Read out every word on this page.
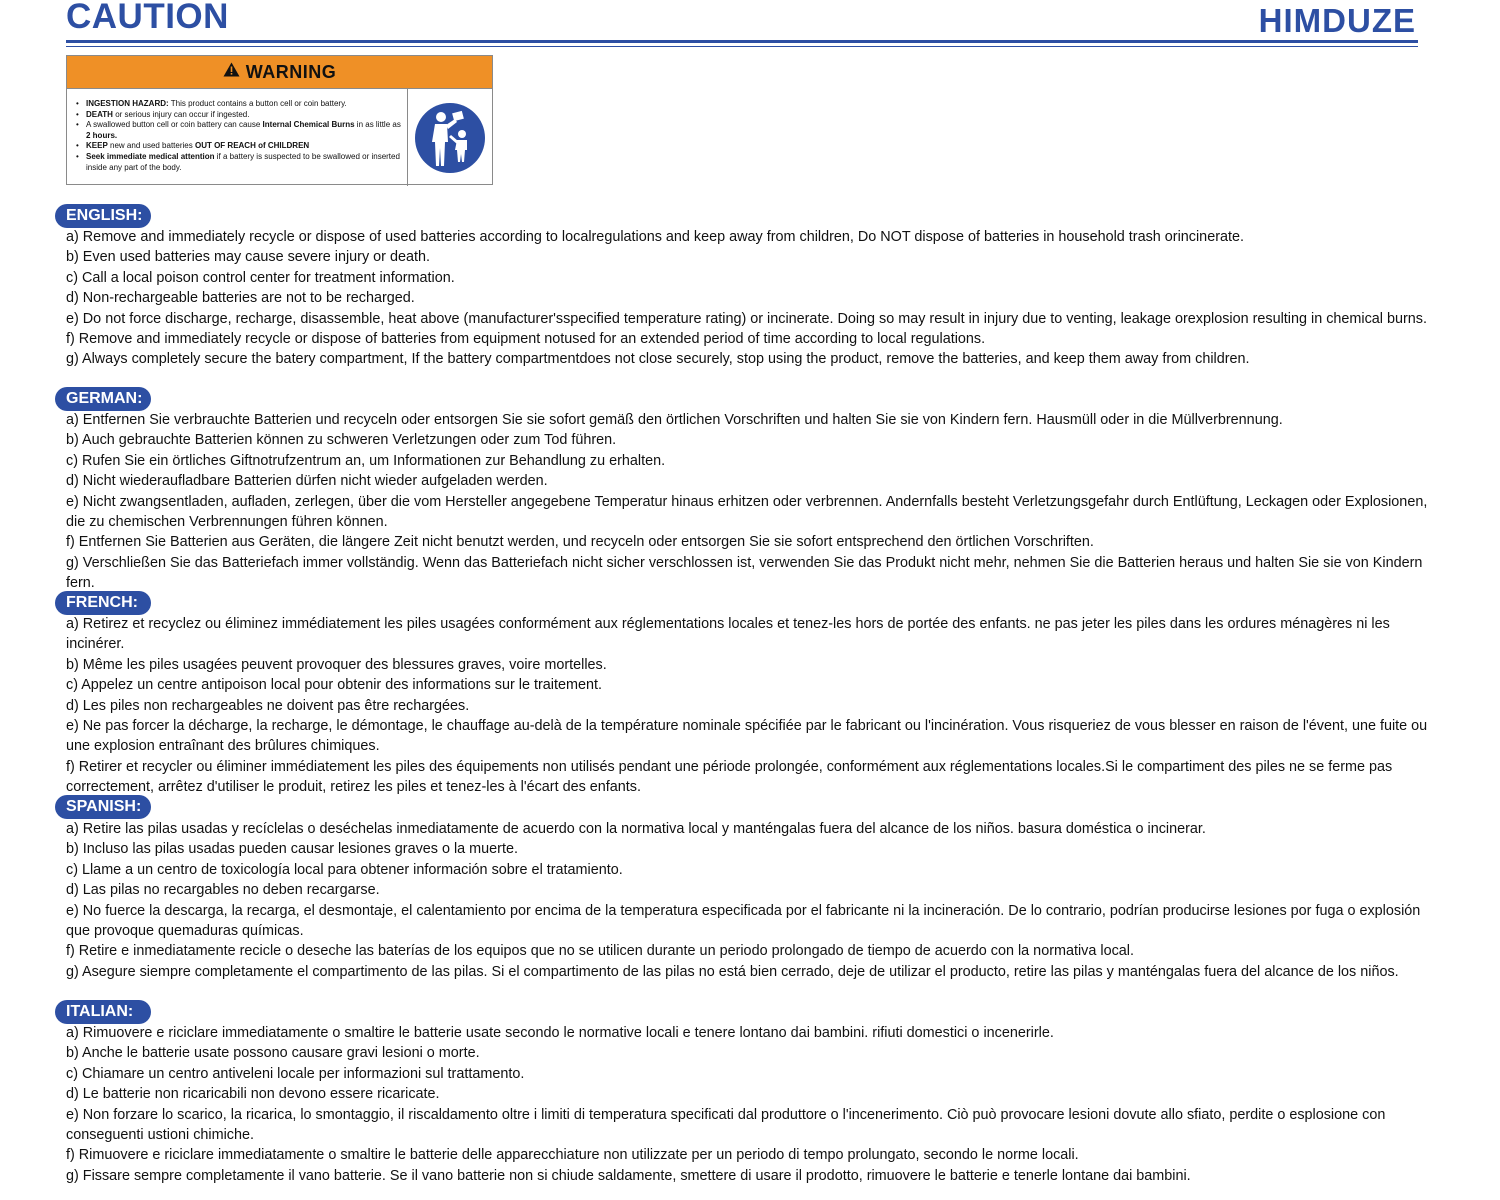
CAUTION	HIMDUZE
WARNING
• INGESTION HAZARD: This product contains a button cell or coin battery.
• DEATH or serious injury can occur if ingested.
• A swallowed button cell or coin battery can cause Internal Chemical Burns in as little as 2 hours.
• KEEP new and used batteries OUT OF REACH of CHILDREN
• Seek immediate medical attention if a battery is suspected to be swallowed or inserted inside any part of the body.
ENGLISH:

a) Remove and immediately recycle or dispose of used batteries according to localregulations and keep away from children, Do NOT dispose of batteries in household trash orincinerate.

b) Even used batteries may cause severe injury or death.

c) Call a local poison control center for treatment information.

d) Non-rechargeable batteries are not to be recharged.

e) Do not force discharge, recharge, disassemble, heat above (manufacturer'sspecified temperature rating) or incinerate. Doing so may result in injury due to venting, leakage orexplosion resulting in chemical burns.

f) Remove and immediately recycle or dispose of batteries from equipment notused for an extended period of time according to local regulations.

g) Always completely secure the batery compartment, If the battery compartmentdoes not close securely, stop using the product, remove the batteries, and keep them away from children.

GERMAN:

a) Entfernen Sie verbrauchte Batterien und recyceln oder entsorgen Sie sie sofort gemäß den örtlichen Vorschriften und halten Sie sie von Kindern fern. Hausmüll oder in die Müllverbrennung.

b) Auch gebrauchte Batterien können zu schweren Verletzungen oder zum Tod führen.

c) Rufen Sie ein örtliches Giftnotrufzentrum an, um Informationen zur Behandlung zu erhalten.

d) Nicht wiederaufladbare Batterien dürfen nicht wieder aufgeladen werden.

e) Nicht zwangsentladen, aufladen, zerlegen, über die vom Hersteller angegebene Temperatur hinaus erhitzen oder verbrennen. Andernfalls besteht Verletzungsgefahr durch Entlüftung, Leckagen oder Explosionen, die zu chemischen Verbrennungen führen können.

f) Entfernen Sie Batterien aus Geräten, die längere Zeit nicht benutzt werden, und recyceln oder entsorgen Sie sie sofort entsprechend den örtlichen Vorschriften.

g) Verschließen Sie das Batteriefach immer vollständig. Wenn das Batteriefach nicht sicher verschlossen ist, verwenden Sie das Produkt nicht mehr, nehmen Sie die Batterien heraus und halten Sie sie von Kindern fern.

FRENCH:

a) Retirez et recyclez ou éliminez immédiatement les piles usagées conformément aux réglementations locales et tenez-les hors de portée des enfants. ne pas jeter les piles dans les ordures ménagères ni les incinérer.

b) Même les piles usagées peuvent provoquer des blessures graves, voire mortelles.

c) Appelez un centre antipoison local pour obtenir des informations sur le traitement.

d) Les piles non rechargeables ne doivent pas être rechargées.

e) Ne pas forcer la décharge, la recharge, le démontage, le chauffage au-delà de la température nominale spécifiée par le fabricant ou l'incinération. Vous risqueriez de vous blesser en raison de l'évent, une fuite ou une explosion entraînant des brûlures chimiques.

f) Retirer et recycler ou éliminer immédiatement les piles des équipements non utilisés pendant une période prolongée, conformément aux réglementations locales.Si le compartiment des piles ne se ferme pas correctement, arrêtez d'utiliser le produit, retirez les piles et tenez-les à l'écart des enfants.

SPANISH:

a) Retire las pilas usadas y recíclelas o deséchelas inmediatamente de acuerdo con la normativa local y manténgalas fuera del alcance de los niños. basura doméstica o incinerar.

b) Incluso las pilas usadas pueden causar lesiones graves o la muerte.

c) Llame a un centro de toxicología local para obtener información sobre el tratamiento.

d) Las pilas no recargables no deben recargarse.

e) No fuerce la descarga, la recarga, el desmontaje, el calentamiento por encima de la temperatura especificada por el fabricante ni la incineración. De lo contrario, podrían producirse lesiones por fuga o explosión que provoque quemaduras químicas.

f) Retire e inmediatamente recicle o deseche las baterías de los equipos que no se utilicen durante un periodo prolongado de tiempo de acuerdo con la normativa local.

g) Asegure siempre completamente el compartimento de las pilas. Si el compartimento de las pilas no está bien cerrado, deje de utilizar el producto, retire las pilas y manténgalas fuera del alcance de los niños.

ITALIAN:

a) Rimuovere e riciclare immediatamente o smaltire le batterie usate secondo le normative locali e tenere lontano dai bambini. rifiuti domestici o incenerirle.

b) Anche le batterie usate possono causare gravi lesioni o morte.

c) Chiamare un centro antiveleni locale per informazioni sul trattamento.

d) Le batterie non ricaricabili non devono essere ricaricate.

e) Non forzare lo scarico, la ricarica, lo smontaggio, il riscaldamento oltre i limiti di temperatura specificati dal produttore o l'incenerimento. Ciò può provocare lesioni dovute allo sfiato, perdite o esplosione con conseguenti ustioni chimiche.

f) Rimuovere e riciclare immediatamente o smaltire le batterie delle apparecchiature non utilizzate per un periodo di tempo prolungato, secondo le norme locali.

g) Fissare sempre completamente il vano batterie. Se il vano batterie non si chiude saldamente, smettere di usare il prodotto, rimuovere le batterie e tenerle lontane dai bambini.
